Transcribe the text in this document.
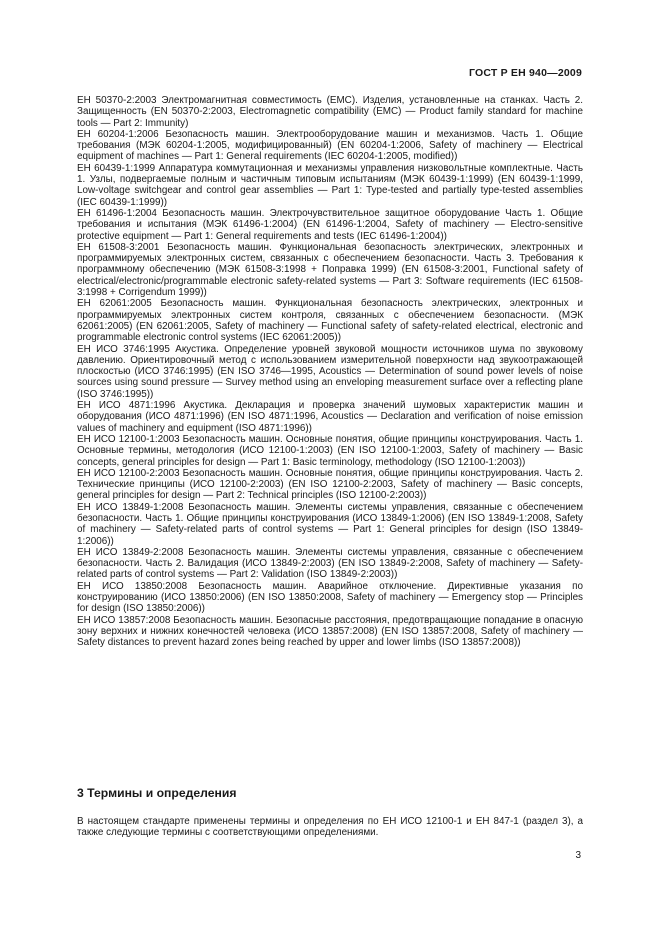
ГОСТ Р ЕН 940—2009

ЕН 50370-2:2003 Электромагнитная совместимость (ЕМС). Изделия, установленные на станках. Часть 2. Защищенность (EN 50370-2:2003, Electromagnetic compatibility (EMC) — Product family standard for machine tools — Part 2: Immunity)

ЕН 60204-1:2006 Безопасность машин. Электрооборудование машин и механизмов. Часть 1. Общие требования (МЭК 60204-1:2005, модифицированный) (EN 60204-1:2006, Safety of machinery — Electrical equipment of machines — Part 1: General requirements (IEC 60204-1:2005, modified))

ЕН 60439-1:1999 Аппаратура коммутационная и механизмы управления низковольтные комплектные. Часть 1. Узлы, подвергаемые полным и частичным типовым испытаниям (МЭК 60439-1:1999) (EN 60439-1:1999, Low-voltage switchgear and control gear assemblies — Part 1: Type-tested and partially type-tested assemblies (IEC 60439-1:1999))

ЕН 61496-1:2004 Безопасность машин. Электрочувствительное защитное оборудование Часть 1. Общие требования и испытания (МЭК 61496-1:2004) (EN 61496-1:2004, Safety of machinery — Electro-sensitive protective equipment — Part 1: General requirements and tests (IEC 61496-1:2004))

ЕН 61508-3:2001 Безопасность машин. Функциональная безопасность электрических, электронных и программируемых электронных систем, связанных с обеспечением безопасности. Часть 3. Требования к программному обеспечению (МЭК 61508-3:1998 + Поправка 1999) (EN 61508-3:2001, Functional safety of electrical/electronic/programmable electronic safety-related systems — Part 3: Software requirements (IEC 61508-3:1998 + Corrigendum 1999))

ЕН 62061:2005 Безопасность машин. Функциональная безопасность электрических, электронных и программируемых электронных систем контроля, связанных с обеспечением безопасности. (МЭК 62061:2005) (EN 62061:2005, Safety of machinery — Functional safety of safety-related electrical, electronic and programmable electronic control systems (IEC 62061:2005))

ЕН ИСО 3746:1995 Акустика. Определение уровней звуковой мощности источников шума по звуковому давлению. Ориентировочный метод с использованием измерительной поверхности над звукоотражающей плоскостью (ИСО 3746:1995) (EN ISO 3746—1995, Acoustics — Determination of sound power levels of noise sources using sound pressure — Survey method using an enveloping measurement surface over a reflecting plane (ISO 3746:1995))

ЕН ИСО 4871:1996 Акустика. Декларация и проверка значений шумовых характеристик машин и оборудования (ИСО 4871:1996) (EN ISO 4871:1996, Acoustics — Declaration and verification of noise emission values of machinery and equipment (ISO 4871:1996))

ЕН ИСО 12100-1:2003 Безопасность машин. Основные понятия, общие принципы конструирования. Часть 1. Основные термины, методология (ИСО 12100-1:2003) (EN ISO 12100-1:2003, Safety of machinery — Basic concepts, general principles for design — Part 1: Basic terminology, methodology (ISO 12100-1:2003))

ЕН ИСО 12100-2:2003 Безопасность машин. Основные понятия, общие принципы конструирования. Часть 2. Технические принципы (ИСО 12100-2:2003) (EN ISO 12100-2:2003, Safety of machinery — Basic concepts, general principles for design — Part 2: Technical principles (ISO 12100-2:2003))

ЕН ИСО 13849-1:2008 Безопасность машин. Элементы системы управления, связанные с обеспечением безопасности. Часть 1. Общие принципы конструирования (ИСО 13849-1:2006) (EN ISO 13849-1:2008, Safety of machinery — Safety-related parts of control systems — Part 1: General principles for design (ISO 13849-1:2006))

ЕН ИСО 13849-2:2008 Безопасность машин. Элементы системы управления, связанные с обеспечением безопасности. Часть 2. Валидация (ИСО 13849-2:2003) (EN ISO 13849-2:2008, Safety of machinery — Safety-related parts of control systems — Part 2: Validation (ISO 13849-2:2003))

ЕН ИСО 13850:2008 Безопасность машин. Аварийное отключение. Директивные указания по конструированию (ИСО 13850:2006) (EN ISO 13850:2008, Safety of machinery — Emergency stop — Principles for design (ISO 13850:2006))

ЕН ИСО 13857:2008 Безопасность машин. Безопасные расстояния, предотвращающие попадание в опасную зону верхних и нижних конечностей человека (ИСО 13857:2008) (EN ISO 13857:2008, Safety of machinery — Safety distances to prevent hazard zones being reached by upper and lower limbs (ISO 13857:2008))

3 Термины и определения
В настоящем стандарте применены термины и определения по ЕН ИСО 12100-1 и ЕН 847-1 (раздел 3), а также следующие термины с соответствующими определениями.
3
